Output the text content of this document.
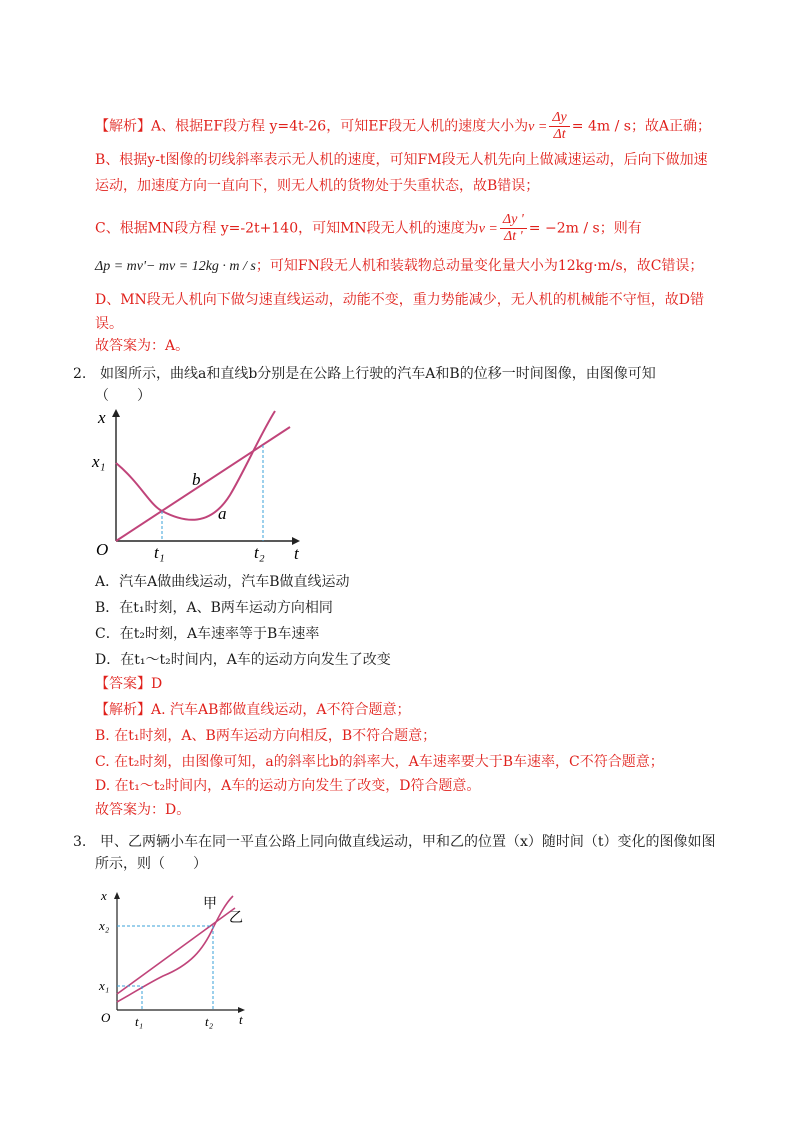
【解析】A、根据EF段方程 y=4t-26，可知EF段无人机的速度大小为$v = \frac{\Delta y}{\Delta t} = 4m / s$；故A正确；
B、根据y-t图像的切线斜率表示无人机的速度，可知FM段无人机先向上做减速运动，后向下做加速
运动，加速度方向一直向下，则无人机的货物处于失重状态，故B错误；
C、根据MN段方程 y=-2t+140，可知MN段无人机的速度为$v = \frac{\Delta y '}{\Delta t '} = -2m / s$；则有
Δp = mv'− mv = 12kg · m / s；可知FN段无人机和装载物总动量变化量大小为12kg·m/s，故C错误；
D、MN段无人机向下做匀速直线运动，动能不变，重力势能减少，无人机的机械能不守恒，故D错
误。
故答案为：A。
2. 如图所示，曲线a和直线b分别是在公路上行驶的汽车A和B的位移一时间图像，由图像可知
（　　）
x
x₁
O	t₁	t₂ t
b
a
A．汽车A做曲线运动，汽车B做直线运动
B．在t₁时刻，A、B两车运动方向相同
C．在t₂时刻，A车速率等于B车速率
D．在t₁～t₂时间内，A车的运动方向发生了改变
【答案】D
【解析】A. 汽车AB都做直线运动，A不符合题意；
B. 在t₁时刻，A、B两车运动方向相反，B不符合题意；
C. 在t₂时刻，由图像可知，a的斜率比b的斜率大，A车速率要大于B车速率，C不符合题意；
D. 在t₁～t₂时间内，A车的运动方向发生了改变，D符合题意。
故答案为：D。
3. 甲、乙两辆小车在同一平直公路上同向做直线运动，甲和乙的位置（x）随时间（t）变化的图像如图
所示，则（　　）
x
x₁
x₂
O t₁	t₂ t
甲
乙
